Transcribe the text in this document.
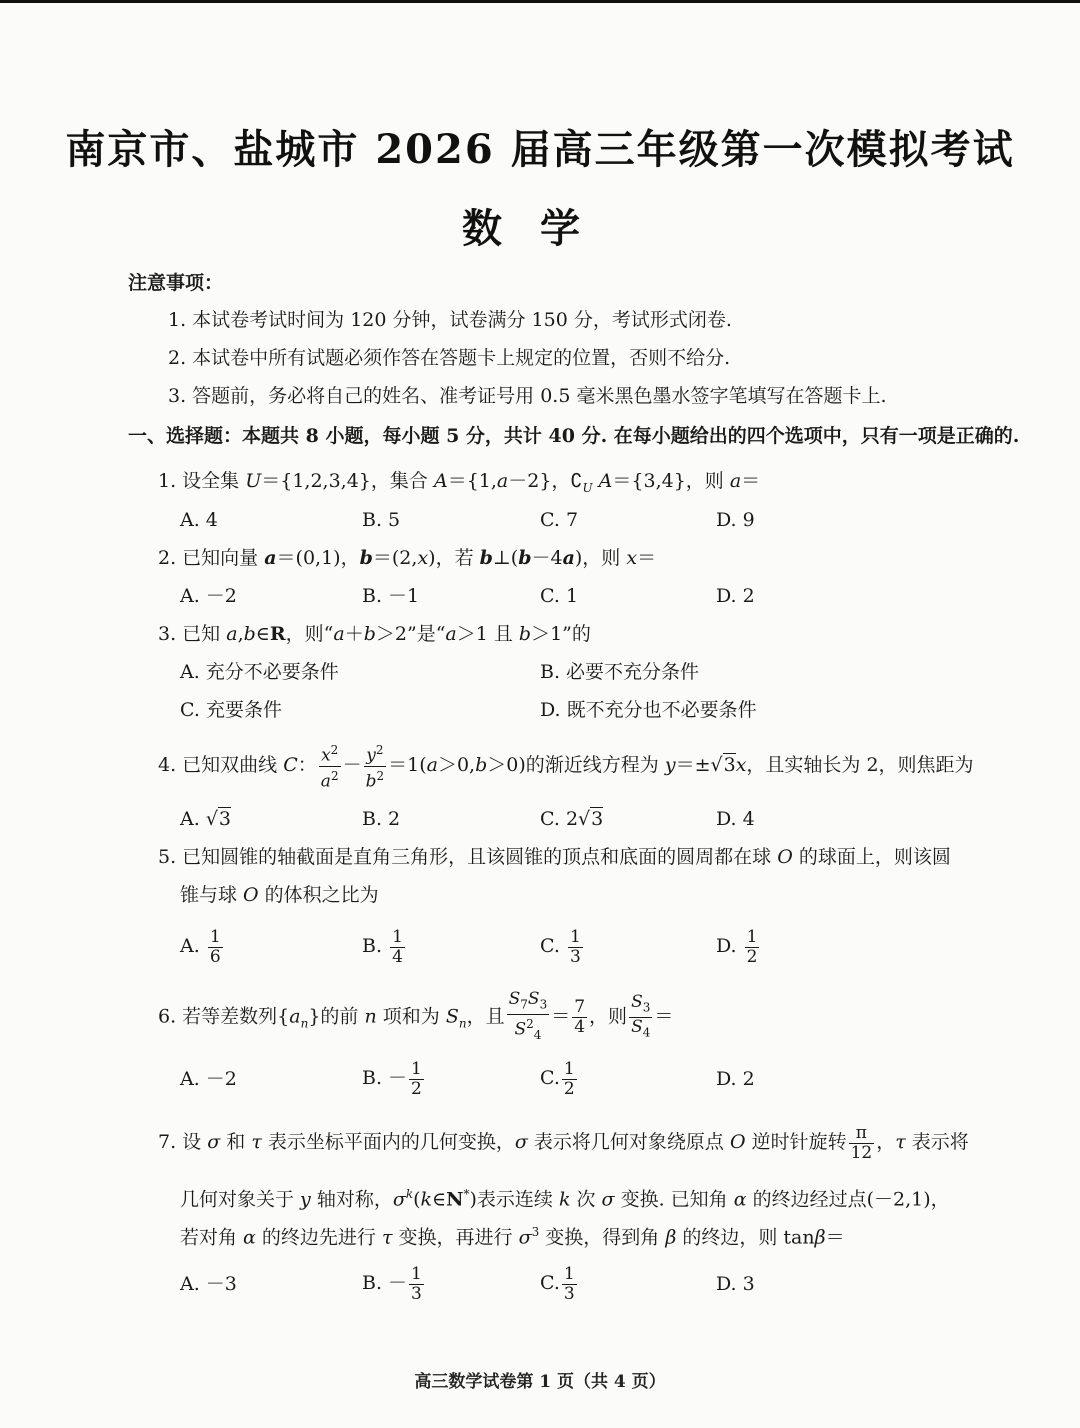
南京市、盐城市 2026 届高三年级第一次模拟考试
数学
注意事项：
1. 本试卷考试时间为 120 分钟，试卷满分 150 分，考试形式闭卷.
2. 本试卷中所有试题必须作答在答题卡上规定的位置，否则不给分.
3. 答题前，务必将自己的姓名、准考证号用 0.5 毫米黑色墨水签字笔填写在答题卡上.
一、选择题：本题共 8 小题，每小题 5 分，共计 40 分. 在每小题给出的四个选项中，只有一项是正确的.
1. 设全集 U＝{1,2,3,4}，集合 A＝{1,a－2}，$∁_U$ A＝{3,4}，则 a＝
A. 4	B. 5	C. 7	D. 9
2. 已知向量 a＝(0,1)，b＝(2,x)，若 b⊥(b－4a)，则 x＝
A. －2	B. －1	C. 1	D. 2
3. 已知 a,b∈R，则“a＋b＞2”是“a＞1 且 b＞1”的
A. 充分不必要条件	B. 必要不充分条件
C. 充要条件	D. 既不充分也不必要条件
4. 已知双曲线 C： $\frac{x^2}{a^2} - \frac{y^2}{b^2} =1(a>0,b>0)$的渐近线方程为 y＝±√3x，且实轴长为 2，则焦距为
A. √3	B. 2	C. 2√3	D. 4
5. 已知圆锥的轴截面是直角三角形，且该圆锥的顶点和底面的圆周都在球 O 的球面上，则该圆
锥与球 O 的体积之比为
A. $\frac{1}{6}$	B. $\frac{1}{4}$	C. $\frac{1}{3}$	D. $\frac{1}{2}$
6. 若等差数列$\{a_n\}$的前 n 项和为 $S_n$，且 $\frac{S_7S_3}{S^2_4} = \frac{7}{4}$ ，则 $\frac{S_3}{S_4}$ ＝
A. －2	B. － $\frac{1}{2}$	C. $\frac{1}{2}$	D. 2
7. 设 σ 和 τ 表示坐标平面内的几何变换，σ 表示将几何对象绕原点 O 逆时针旋转 $\frac{\pi}{12}$ ，τ 表示将
几何对象关于 y 轴对称，$\sigma^k(k\in N^*)$表示连续 k 次 σ 变换. 已知角 α 的终边经过点(－2,1)，
若对角 α 的终边先进行 τ 变换，再进行 $\sigma^3$ 变换，得到角 β 的终边，则 tanβ＝
A. －3	B. － $\frac{1}{3}$	C. $\frac{1}{3}$	D. 3
高三数学试卷第 1 页（共 4 页）
